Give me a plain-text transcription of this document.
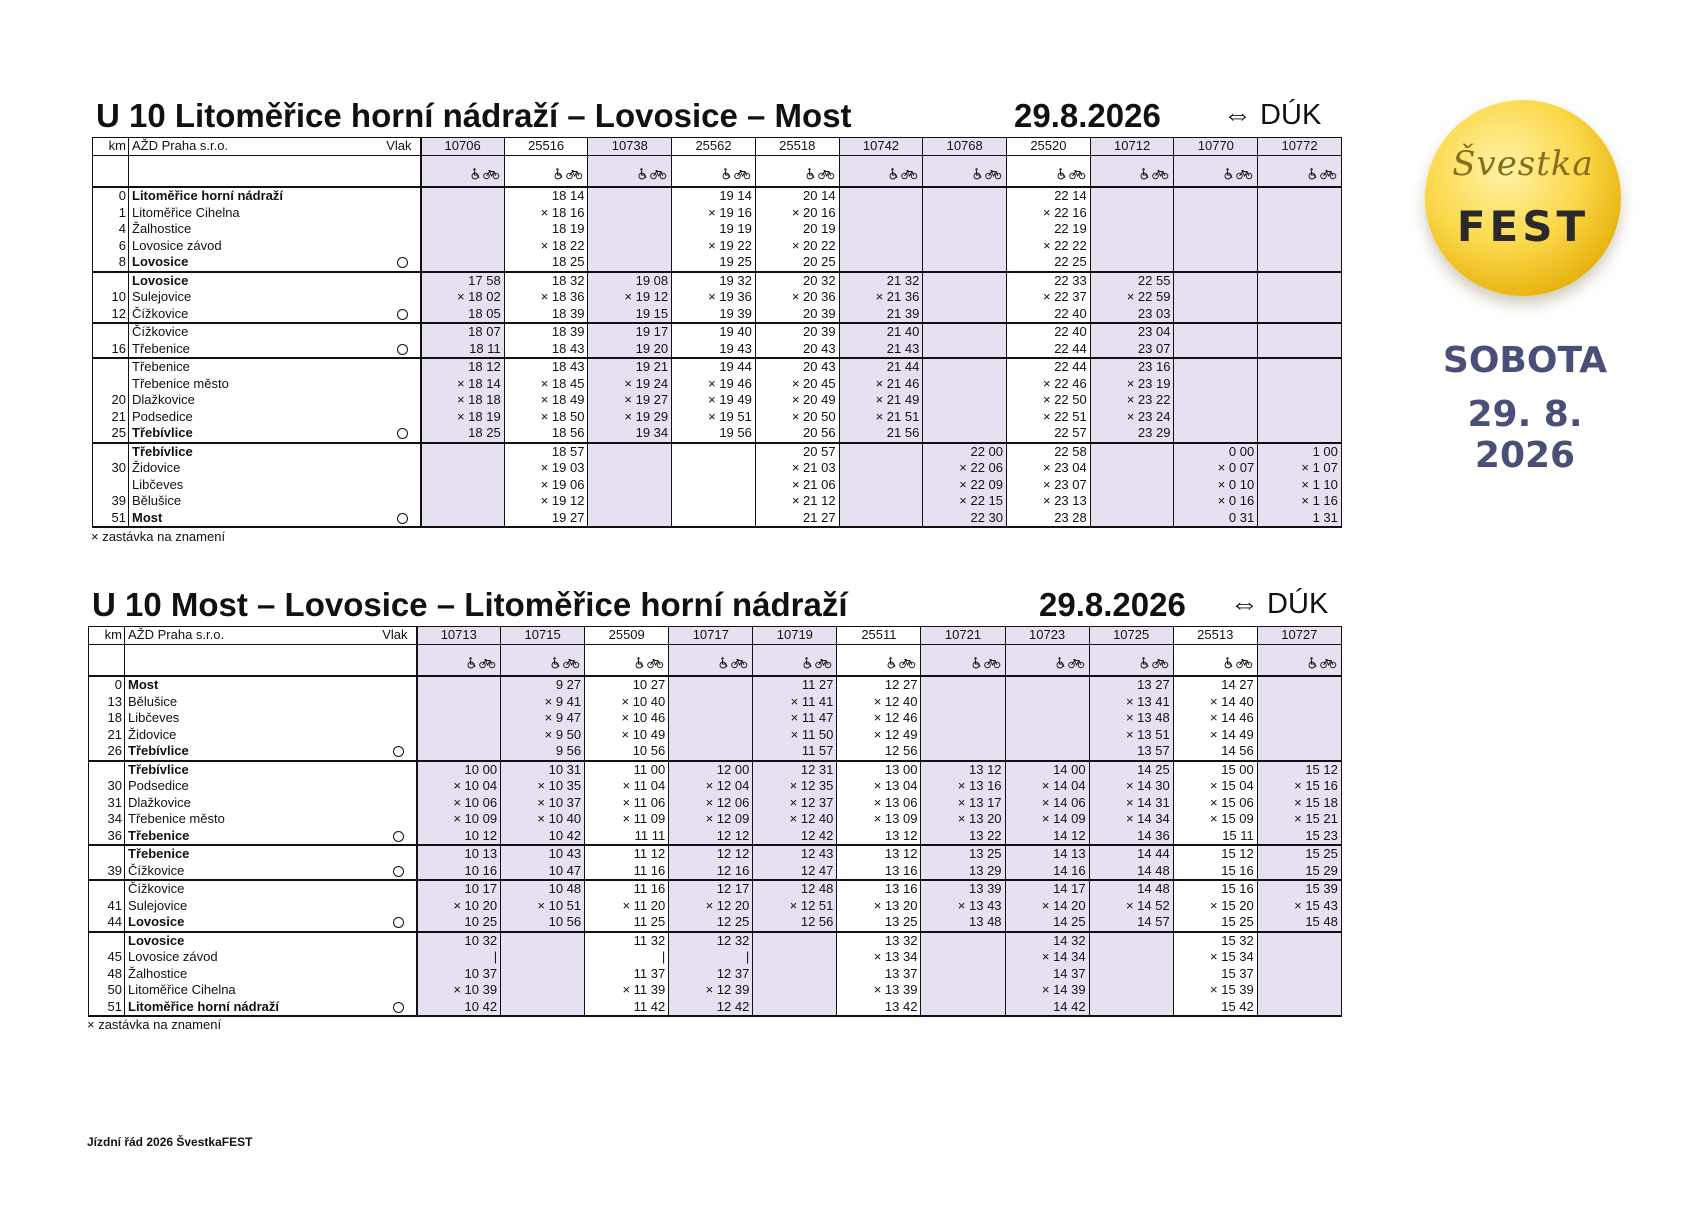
U 10 Litoměřice horní nádraží – Lovosice – Most	29.8.2026 ⇔ DÚK
km	AŽD Praha s.r.o. Vlak	10706	25516	10738	25562	25518	10742	10768	25520	10712	10770	10772

0	Litoměřice horní nádraží		18 14		19 14	20 14			22 14			
1	Litoměřice Cihelna		× 18 16		× 19 16	× 20 16			× 22 16			
4	Žalhostice		18 19		19 19	20 19			22 19			
6	Lovosice závod		× 18 22		× 19 22	× 20 22			× 22 22			
8	Lovosice		18 25		19 25	20 25			22 25			
	Lovosice	17 58	18 32	19 08	19 32	20 32	21 32		22 33	22 55		
10	Sulejovice	× 18 02	× 18 36	× 19 12	× 19 36	× 20 36	× 21 36		× 22 37	× 22 59		
12	Čížkovice	18 05	18 39	19 15	19 39	20 39	21 39		22 40	23 03		
	Čížkovice	18 07	18 39	19 17	19 40	20 39	21 40		22 40	23 04		
16	Třebenice	18 11	18 43	19 20	19 43	20 43	21 43		22 44	23 07		
	Třebenice	18 12	18 43	19 21	19 44	20 43	21 44		22 44	23 16		
	Třebenice město	× 18 14	× 18 45	× 19 24	× 19 46	× 20 45	× 21 46		× 22 46	× 23 19		
20	Dlažkovice	× 18 18	× 18 49	× 19 27	× 19 49	× 20 49	× 21 49		× 22 50	× 23 22		
21	Podsedice	× 18 19	× 18 50	× 19 29	× 19 51	× 20 50	× 21 51		× 22 51	× 23 24		
25	Třebívlice	18 25	18 56	19 34	19 56	20 56	21 56		22 57	23 29		
	Třebívlice		18 57			20 57		22 00	22 58		0 00	1 00
30	Židovice		× 19 03			× 21 03		× 22 06	× 23 04		× 0 07	× 1 07
	Libčeves		× 19 06			× 21 06		× 22 09	× 23 07		× 0 10	× 1 10
39	Bělušice		× 19 12			× 21 12		× 22 15	× 23 13		× 0 16	× 1 16
51	Most		19 27			21 27		22 30	23 28		0 31	1 31
× zastávka na znamení
U 10 Most – Lovosice – Litoměřice horní nádraží	29.8.2026 ⇔ DÚK
km	AŽD Praha s.r.o. Vlak	10713	10715	25509	10717	10719	25511	10721	10723	10725	25513	10727

0	Most		9 27	10 27		11 27	12 27			13 27	14 27	
13	Bělušice		× 9 41	× 10 40		× 11 41	× 12 40			× 13 41	× 14 40	
18	Libčeves		× 9 47	× 10 46		× 11 47	× 12 46			× 13 48	× 14 46	
21	Židovice		× 9 50	× 10 49		× 11 50	× 12 49			× 13 51	× 14 49	
26	Třebívlice		9 56	10 56		11 57	12 56			13 57	14 56	
	Třebívlice	10 00	10 31	11 00	12 00	12 31	13 00	13 12	14 00	14 25	15 00	15 12
30	Podsedice	× 10 04	× 10 35	× 11 04	× 12 04	× 12 35	× 13 04	× 13 16	× 14 04	× 14 30	× 15 04	× 15 16
31	Dlažkovice	× 10 06	× 10 37	× 11 06	× 12 06	× 12 37	× 13 06	× 13 17	× 14 06	× 14 31	× 15 06	× 15 18
34	Třebenice město	× 10 09	× 10 40	× 11 09	× 12 09	× 12 40	× 13 09	× 13 20	× 14 09	× 14 34	× 15 09	× 15 21
36	Třebenice	10 12	10 42	11 11	12 12	12 42	13 12	13 22	14 12	14 36	15 11	15 23
	Třebenice	10 13	10 43	11 12	12 12	12 43	13 12	13 25	14 13	14 44	15 12	15 25
39	Čížkovice	10 16	10 47	11 16	12 16	12 47	13 16	13 29	14 16	14 48	15 16	15 29
	Čížkovice	10 17	10 48	11 16	12 17	12 48	13 16	13 39	14 17	14 48	15 16	15 39
41	Sulejovice	× 10 20	× 10 51	× 11 20	× 12 20	× 12 51	× 13 20	× 13 43	× 14 20	× 14 52	× 15 20	× 15 43
44	Lovosice	10 25	10 56	11 25	12 25	12 56	13 25	13 48	14 25	14 57	15 25	15 48
	Lovosice	10 32		11 32	12 32		13 32		14 32		15 32	
45	Lovosice závod	|		|	|		× 13 34		× 14 34		× 15 34	
48	Žalhostice	10 37		11 37	12 37		13 37		14 37		15 37	
50	Litoměřice Cihelna	× 10 39		× 11 39	× 12 39		× 13 39		× 14 39		× 15 39	
51	Litoměřice horní nádraží	10 42		11 42	12 42		13 42		14 42		15 42	
× zastávka na znamení
Švestka
FEST
SOBOTA
29. 8. 2026
Jízdní řád 2026 ŠvestkaFEST
